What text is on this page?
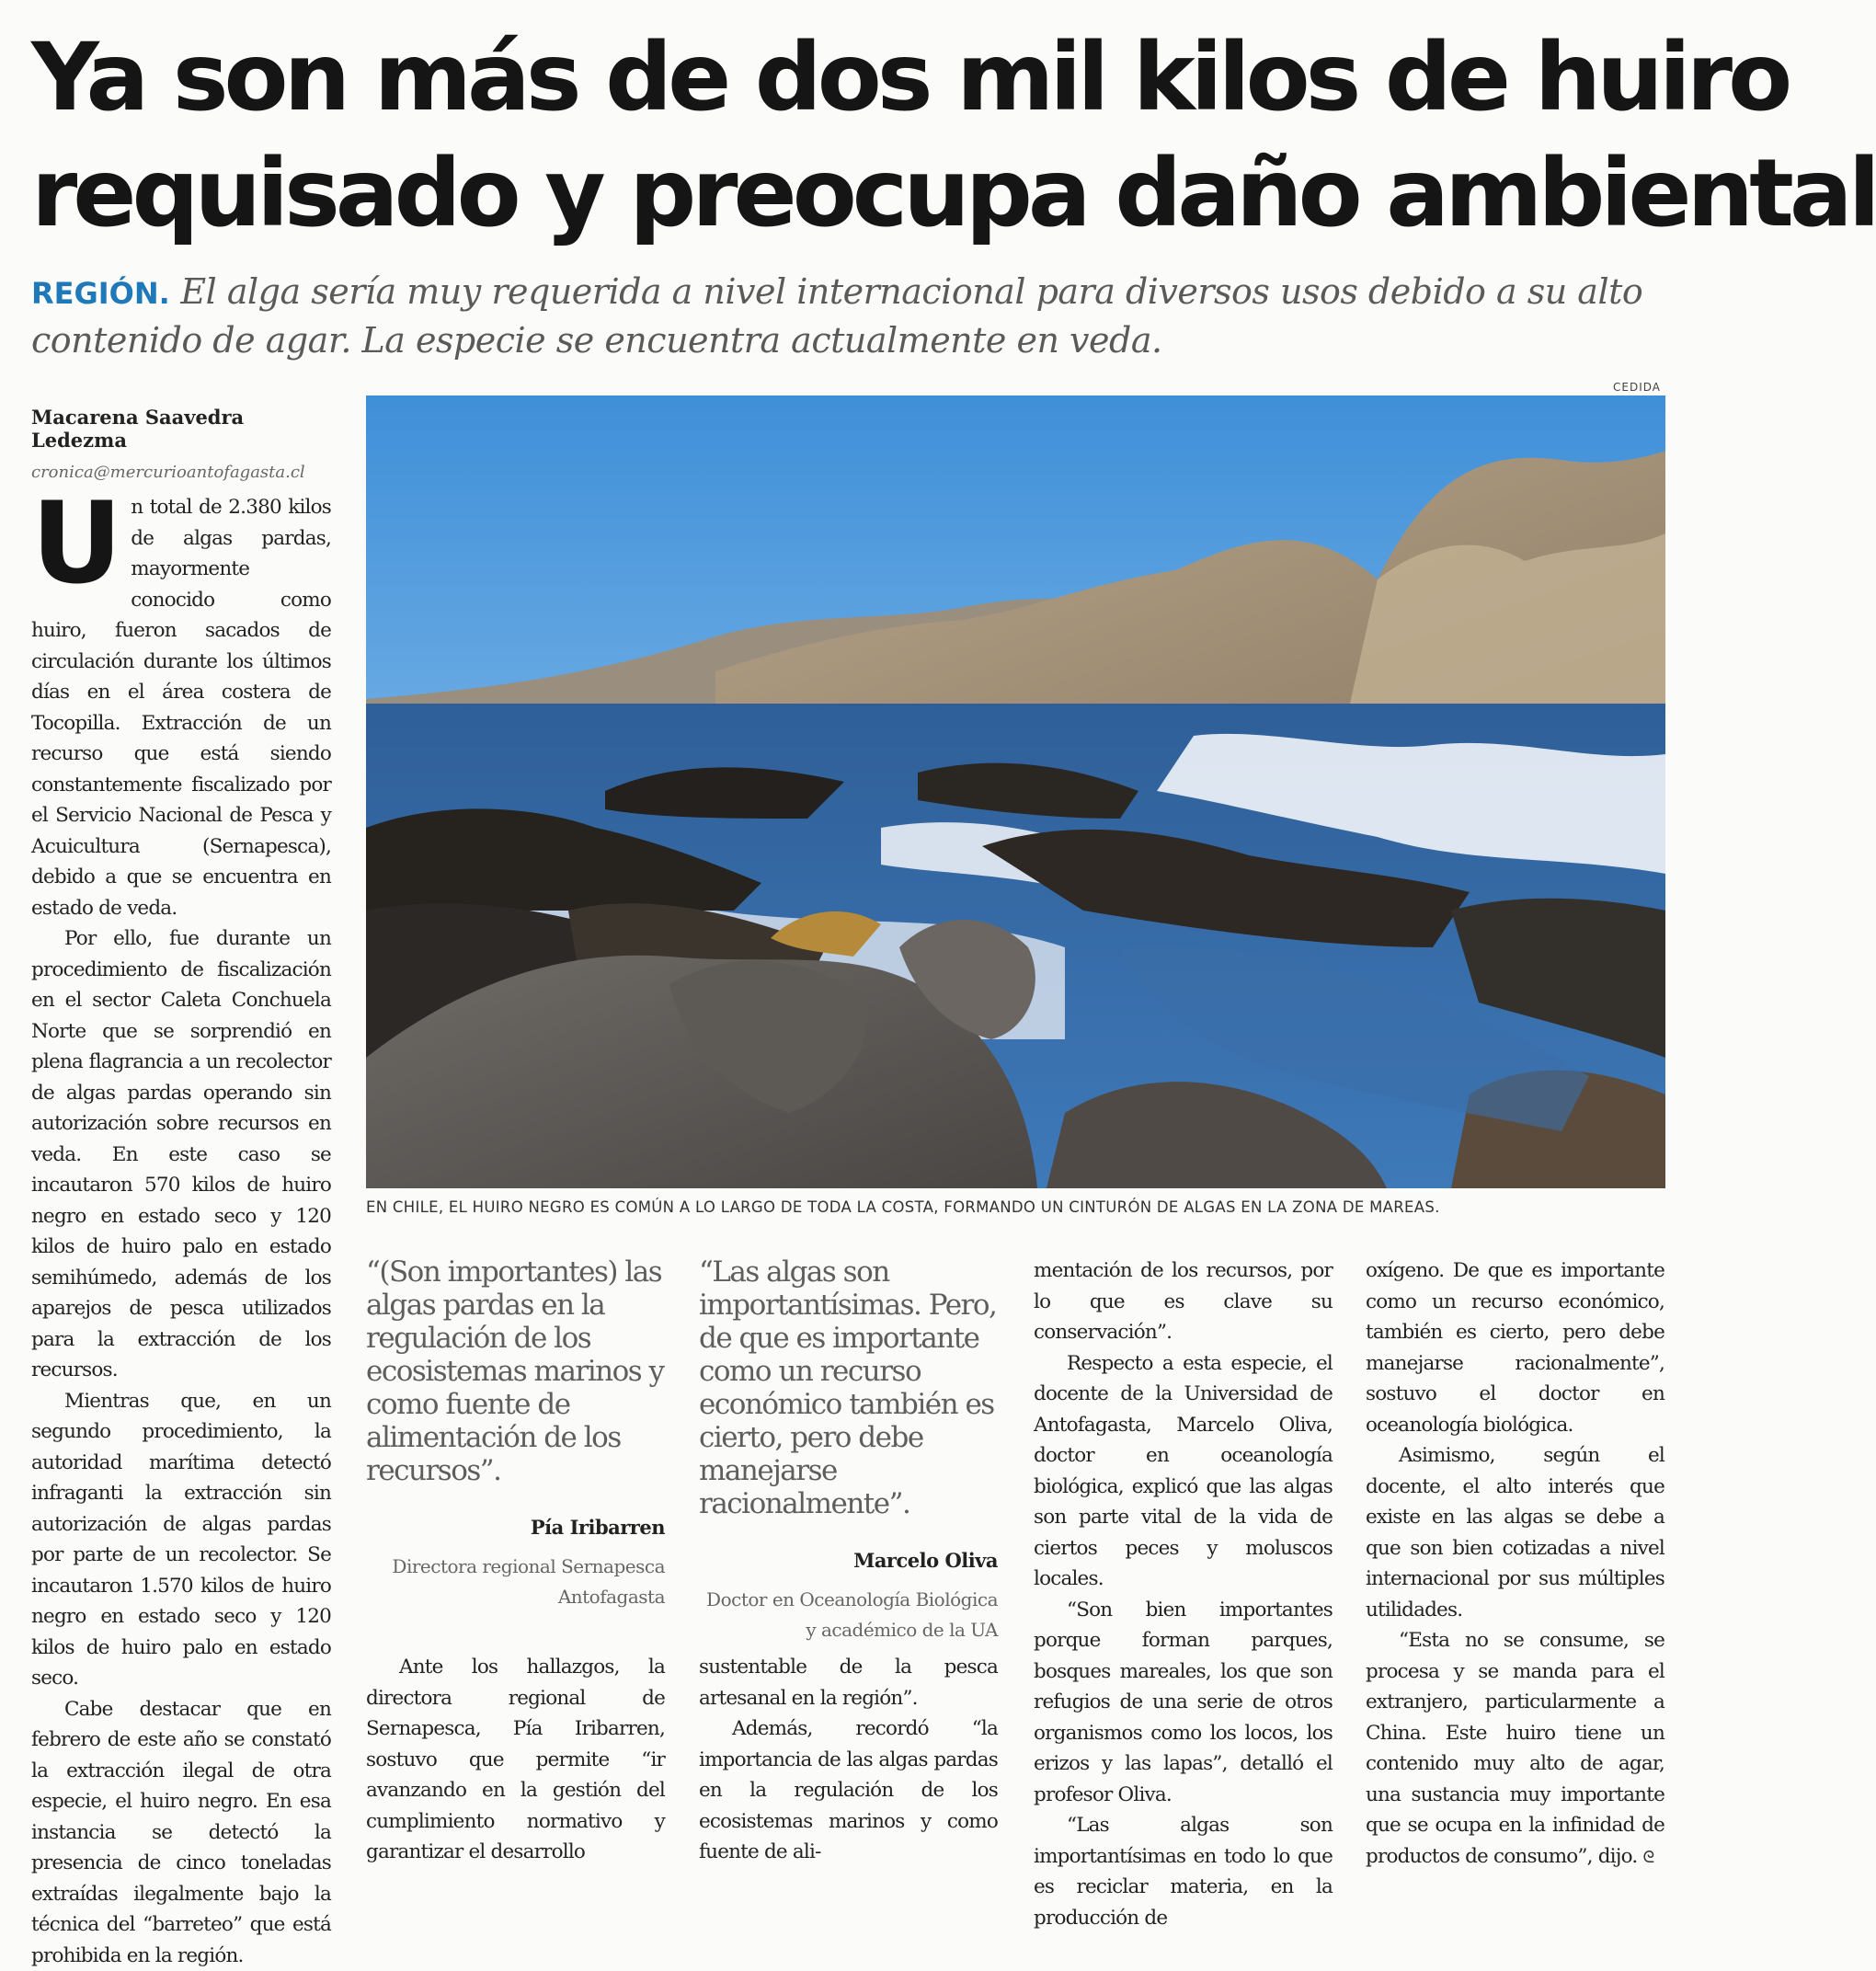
Ya son más de dos mil kilos de huiro
requisado y preocupa daño ambiental
REGIÓN. El alga sería muy requerida a nivel internacional para diversos usos debido a su alto contenido de agar. La especie se encuentra actualmente en veda.
Macarena Saavedra Ledezma
cronica@mercurioantofagasta.cl
CEDIDA
EN CHILE, EL HUIRO NEGRO ES COMÚN A LO LARGO DE TODA LA COSTA, FORMANDO UN CINTURÓN DE ALGAS EN LA ZONA DE MAREAS.

Un total de 2.380 kilos de algas pardas, mayormente conocido como huiro, fueron sacados de circulación durante los últimos días en el área costera de Tocopilla. Extracción de un recurso que está siendo constantemente fiscalizado por el Servicio Nacional de Pesca y Acuicultura (Sernapesca), debido a que se encuentra en estado de veda.

Por ello, fue durante un procedimiento de fiscalización en el sector Caleta Conchuela Norte que se sorprendió en plena flagrancia a un recolector de algas pardas operando sin autorización sobre recursos en veda. En este caso se incautaron 570 kilos de huiro negro en estado seco y 120 kilos de huiro palo en estado semihúmedo, además de los aparejos de pesca utilizados para la extracción de los recursos.

Mientras que, en un segundo procedimiento, la autoridad marítima detectó infraganti la extracción sin autorización de algas pardas por parte de un recolector. Se incautaron 1.570 kilos de huiro negro en estado seco y 120 kilos de huiro palo en estado seco.

Cabe destacar que en febrero de este año se constató la extracción ilegal de otra especie, el huiro negro. En esa instancia se detectó la presencia de cinco toneladas extraídas ilegalmente bajo la técnica del “barreteo” que está prohibida en la región.

“(Son importantes) las algas pardas en la regulación de los ecosistemas marinos y como fuente de alimentación de los recursos”.
Pía Iribarren
Directora regional Sernapesca Antofagasta
“Las algas son importantísimas. Pero, de que es importante como un recurso económico también es cierto, pero debe manejarse racionalmente”.
Marcelo Oliva
Doctor en Oceanología Biológica y académico de la UA

Ante los hallazgos, la directora regional de Sernapesca, Pía Iribarren, sostuvo que permite “ir avanzando en la gestión del cumplimiento normativo y garantizar el desarrollo

sustentable de la pesca artesanal en la región”.

Además, recordó “la importancia de las algas pardas en la regulación de los ecosistemas marinos y como fuente de ali-

mentación de los recursos, por lo que es clave su conservación”.

Respecto a esta especie, el docente de la Universidad de Antofagasta, Marcelo Oliva, doctor en oceanología biológica, explicó que las algas son parte vital de la vida de ciertos peces y moluscos locales.

“Son bien importantes porque forman parques, bosques mareales, los que son refugios de una serie de otros organismos como los locos, los erizos y las lapas”, detalló el profesor Oliva.

“Las algas son importantísimas en todo lo que es reciclar materia, en la producción de

oxígeno. De que es importante como un recurso económico, también es cierto, pero debe manejarse racionalmente”, sostuvo el doctor en oceanología biológica.

Asimismo, según el docente, el alto interés que existe en las algas se debe a que son bien cotizadas a nivel internacional por sus múltiples utilidades.

“Esta no se consume, se procesa y se manda para el extranjero, particularmente a China. Este huiro tiene un contenido muy alto de agar, una sustancia muy importante que se ocupa en la infinidad de productos de consumo”, dijo. ᘓ
